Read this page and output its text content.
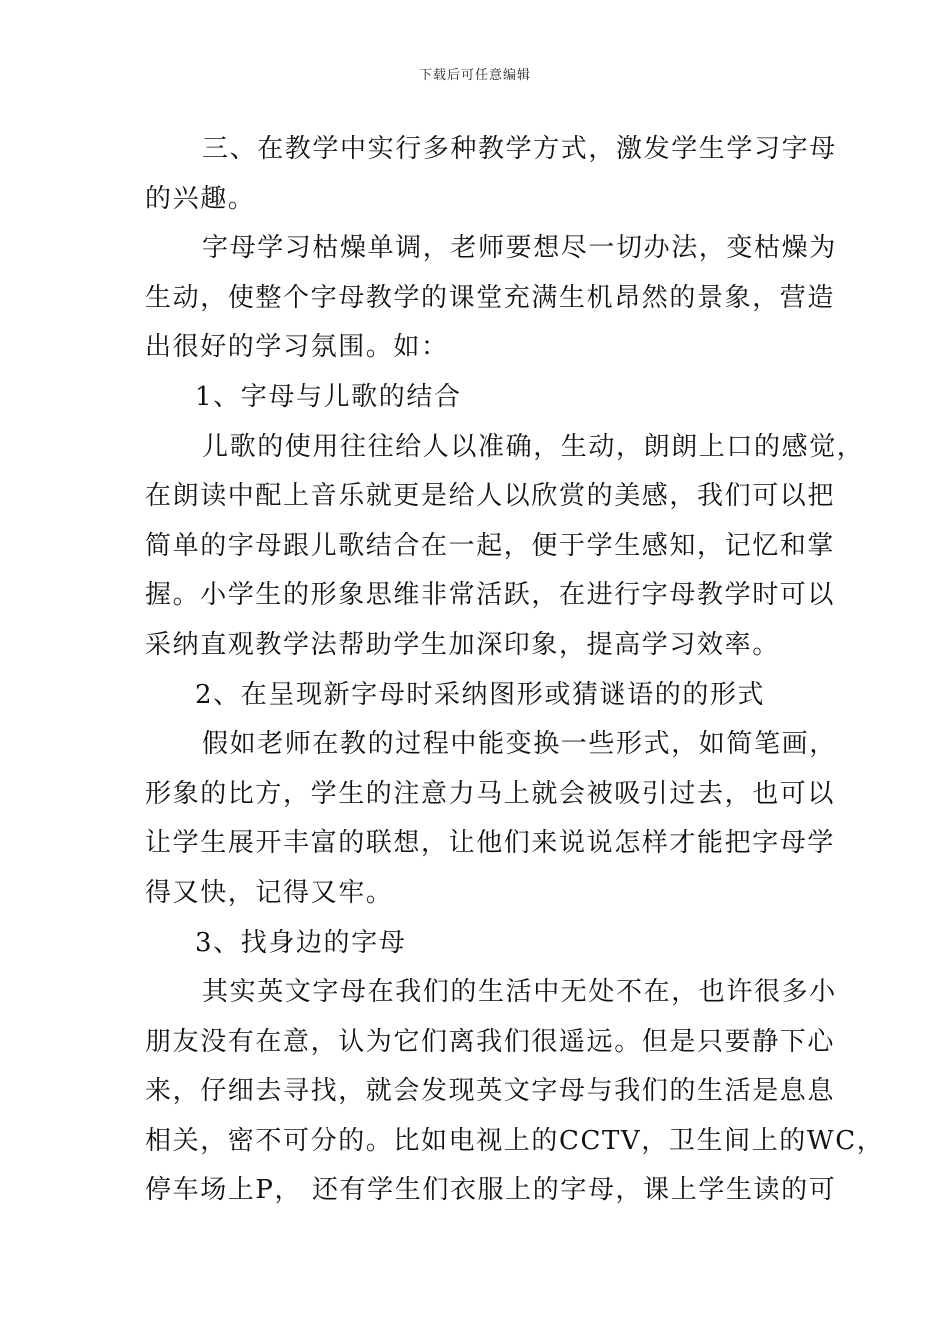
下载后可任意编辑
三、在教学中实行多种教学方式，激发学生学习字母
的兴趣。
字母学习枯燥单调，老师要想尽一切办法，变枯燥为
生动，使整个字母教学的课堂充满生机昂然的景象，营造
出很好的学习氛围。如：
1、字母与儿歌的结合
儿歌的使用往往给人以准确，生动，朗朗上口的感觉，
在朗读中配上音乐就更是给人以欣赏的美感，我们可以把
简单的字母跟儿歌结合在一起，便于学生感知，记忆和掌
握。小学生的形象思维非常活跃，在进行字母教学时可以
采纳直观教学法帮助学生加深印象，提高学习效率。
2、在呈现新字母时采纳图形或猜谜语的的形式
假如老师在教的过程中能变换一些形式，如简笔画，
形象的比方，学生的注意力马上就会被吸引过去，也可以
让学生展开丰富的联想，让他们来说说怎样才能把字母学
得又快，记得又牢。
3、找身边的字母
其实英文字母在我们的生活中无处不在，也许很多小
朋友没有在意，认为它们离我们很遥远。但是只要静下心
来，仔细去寻找，就会发现英文字母与我们的生活是息息
相关，密不可分的。比如电视上的CCTV，卫生间上的WC，
停车场上P， 还有学生们衣服上的字母，课上学生读的可
